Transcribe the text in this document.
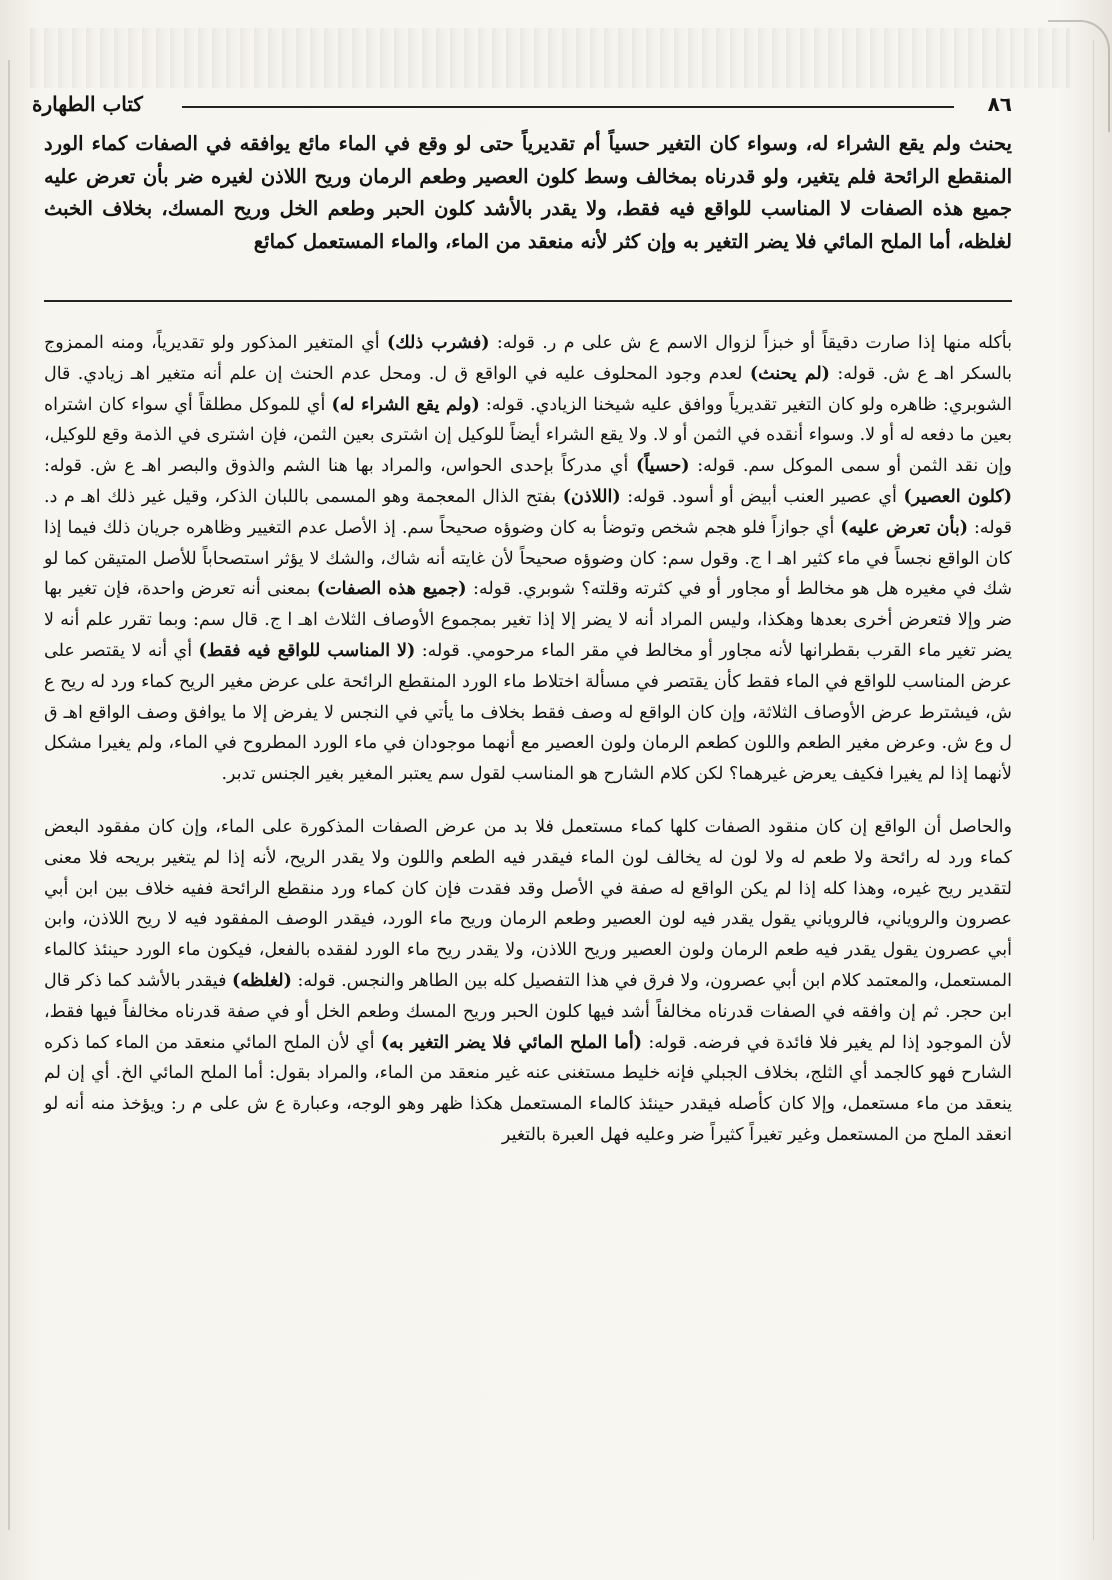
٨٦
كتاب الطهارة

يحنث ولم يقع الشراء له، وسواء كان التغير حسياً أم تقديرياً حتى لو وقع في الماء مائع يوافقه في الصفات كماء الورد المنقطع الرائحة فلم يتغير، ولو قدرناه بمخالف وسط كلون العصير وطعم الرمان وريح اللاذن لغيره ضر بأن تعرض عليه جميع هذه الصفات لا المناسب للواقع فيه فقط، ولا يقدر بالأشد كلون الحبر وطعم الخل وريح المسك، بخلاف الخبث لغلظه، أما الملح المائي فلا يضر التغير به وإن كثر لأنه منعقد من الماء، والماء المستعمل كمائع

بأكله منها إذا صارت دقيقاً أو خبزاً لزوال الاسم ع ش على م ر. قوله: (فشرب ذلك) أي المتغير المذكور ولو تقديرياً، ومنه الممزوج بالسكر اهـ ع ش. قوله: (لم يحنث) لعدم وجود المحلوف عليه في الواقع ق ل. ومحل عدم الحنث إن علم أنه متغير اهـ زيادي. قال الشوبري: ظاهره ولو كان التغير تقديرياً ووافق عليه شيخنا الزيادي. قوله: (ولم يقع الشراء له) أي للموكل مطلقاً أي سواء كان اشتراه بعين ما دفعه له أو لا. وسواء أنقده في الثمن أو لا. ولا يقع الشراء أيضاً للوكيل إن اشترى بعين الثمن، فإن اشترى في الذمة وقع للوكيل، وإن نقد الثمن أو سمى الموكل سم. قوله: (حسياً) أي مدركاً بإحدى الحواس، والمراد بها هنا الشم والذوق والبصر اهـ ع ش. قوله: (كلون العصير) أي عصير العنب أبيض أو أسود. قوله: (اللاذن) بفتح الذال المعجمة وهو المسمى باللبان الذكر، وقيل غير ذلك اهـ م د. قوله: (بأن تعرض عليه) أي جوازاً فلو هجم شخص وتوضأ به كان وضوؤه صحيحاً سم. إذ الأصل عدم التغيير وظاهره جريان ذلك فيما إذا كان الواقع نجساً في ماء كثير اهـ ا ج. وقول سم: كان وضوؤه صحيحاً لأن غايته أنه شاك، والشك لا يؤثر استصحاباً للأصل المتيقن كما لو شك في مغيره هل هو مخالط أو مجاور أو في كثرته وقلته؟ شوبري. قوله: (جميع هذه الصفات) بمعنى أنه تعرض واحدة، فإن تغير بها ضر وإلا فتعرض أخرى بعدها وهكذا، وليس المراد أنه لا يضر إلا إذا تغير بمجموع الأوصاف الثلاث اهـ ا ج. قال سم: وبما تقرر علم أنه لا يضر تغير ماء القرب بقطرانها لأنه مجاور أو مخالط في مقر الماء مرحومي. قوله: (لا المناسب للواقع فيه فقط) أي أنه لا يقتصر على عرض المناسب للواقع في الماء فقط كأن يقتصر في مسألة اختلاط ماء الورد المنقطع الرائحة على عرض مغير الريح كماء ورد له ريح ع ش، فيشترط عرض الأوصاف الثلاثة، وإن كان الواقع له وصف فقط بخلاف ما يأتي في النجس لا يفرض إلا ما يوافق وصف الواقع اهـ ق ل وع ش. وعرض مغير الطعم واللون كطعم الرمان ولون العصير مع أنهما موجودان في ماء الورد المطروح في الماء، ولم يغيرا مشكل لأنهما إذا لم يغيرا فكيف يعرض غيرهما؟ لكن كلام الشارح هو المناسب لقول سم يعتبر المغير بغير الجنس تدبر.

والحاصل أن الواقع إن كان منقود الصفات كلها كماء مستعمل فلا بد من عرض الصفات المذكورة على الماء، وإن كان مفقود البعض كماء ورد له رائحة ولا طعم له ولا لون له يخالف لون الماء فيقدر فيه الطعم واللون ولا يقدر الريح، لأنه إذا لم يتغير بريحه فلا معنى لتقدير ريح غيره، وهذا كله إذا لم يكن الواقع له صفة في الأصل وقد فقدت فإن كان كماء ورد منقطع الرائحة ففيه خلاف بين ابن أبي عصرون والروياني، فالروياني يقول يقدر فيه لون العصير وطعم الرمان وريح ماء الورد، فيقدر الوصف المفقود فيه لا ريح اللاذن، وابن أبي عصرون يقول يقدر فيه طعم الرمان ولون العصير وريح اللاذن، ولا يقدر ريح ماء الورد لفقده بالفعل، فيكون ماء الورد حينئذ كالماء المستعمل، والمعتمد كلام ابن أبي عصرون، ولا فرق في هذا التفصيل كله بين الطاهر والنجس. قوله: (لغلظه) فيقدر بالأشد كما ذكر قال ابن حجر. ثم إن وافقه في الصفات قدرناه مخالفاً أشد فيها كلون الحبر وريح المسك وطعم الخل أو في صفة قدرناه مخالفاً فيها فقط، لأن الموجود إذا لم يغير فلا فائدة في فرضه. قوله: (أما الملح المائي فلا يضر التغير به) أي لأن الملح المائي منعقد من الماء كما ذكره الشارح فهو كالجمد أي الثلج، بخلاف الجبلي فإنه خليط مستغنى عنه غير منعقد من الماء، والمراد بقول: أما الملح المائي الخ. أي إن لم ينعقد من ماء مستعمل، وإلا كان كأصله فيقدر حينئذ كالماء المستعمل هكذا ظهر وهو الوجه، وعبارة ع ش على م ر: ويؤخذ منه أنه لو انعقد الملح من المستعمل وغير تغيراً كثيراً ضر وعليه فهل العبرة بالتغير
